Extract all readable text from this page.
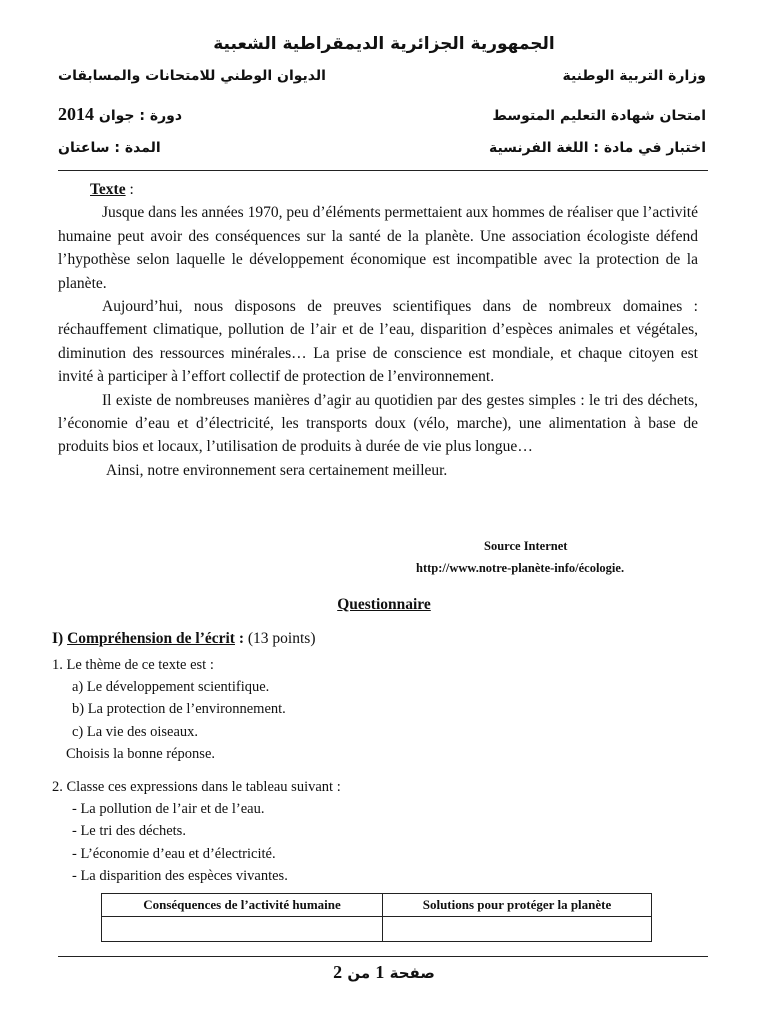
الجمهورية الجزائرية الديمقراطية الشعبية
الديوان الوطني للامتحانات والمسابقات	وزارة التربية الوطنية
دورة : جوان 2014	امتحان شهادة التعليم المتوسط
المدة : ساعتان	اختبار في مادة : اللغة الفرنسية
Texte :

Jusque dans les années 1970, peu d’éléments permettaient aux hommes de réaliser que l’activité humaine peut avoir des conséquences sur la santé de la planète. Une association écologiste défend l’hypothèse selon laquelle le développement économique est incompatible avec la protection de la planète.

Aujourd’hui, nous disposons de preuves scientifiques dans de nombreux domaines : réchauffement climatique, pollution de l’air et de l’eau, disparition d’espèces animales et végétales, diminution des ressources minérales… La prise de conscience est mondiale, et chaque citoyen est invité à participer à l’effort collectif de protection de l’environnement.

Il existe de nombreuses manières d’agir au quotidien par des gestes simples : le tri des déchets, l’économie d’eau et d’électricité, les transports doux (vélo, marche), une alimentation à base de produits bios et locaux, l’utilisation de produits à durée de vie plus longue…

Ainsi, notre environnement sera certainement meilleur.

Source Internet
http://www.notre-planète-info/écologie.
Questionnaire
I) Compréhension de l’écrit : (13 points)
1. Le thème de ce texte est :
a) Le développement scientifique.
b) La protection de l’environnement.
c) La vie des oiseaux.
Choisis la bonne réponse.
2. Classe ces expressions dans le tableau suivant :
- La pollution de l’air et de l’eau.
- Le tri des déchets.
- L’économie d’eau et d’électricité.
- La disparition des espèces vivantes.
Conséquences de l’activité humaine	Solutions pour protéger la planète

صفحة 1 من 2
